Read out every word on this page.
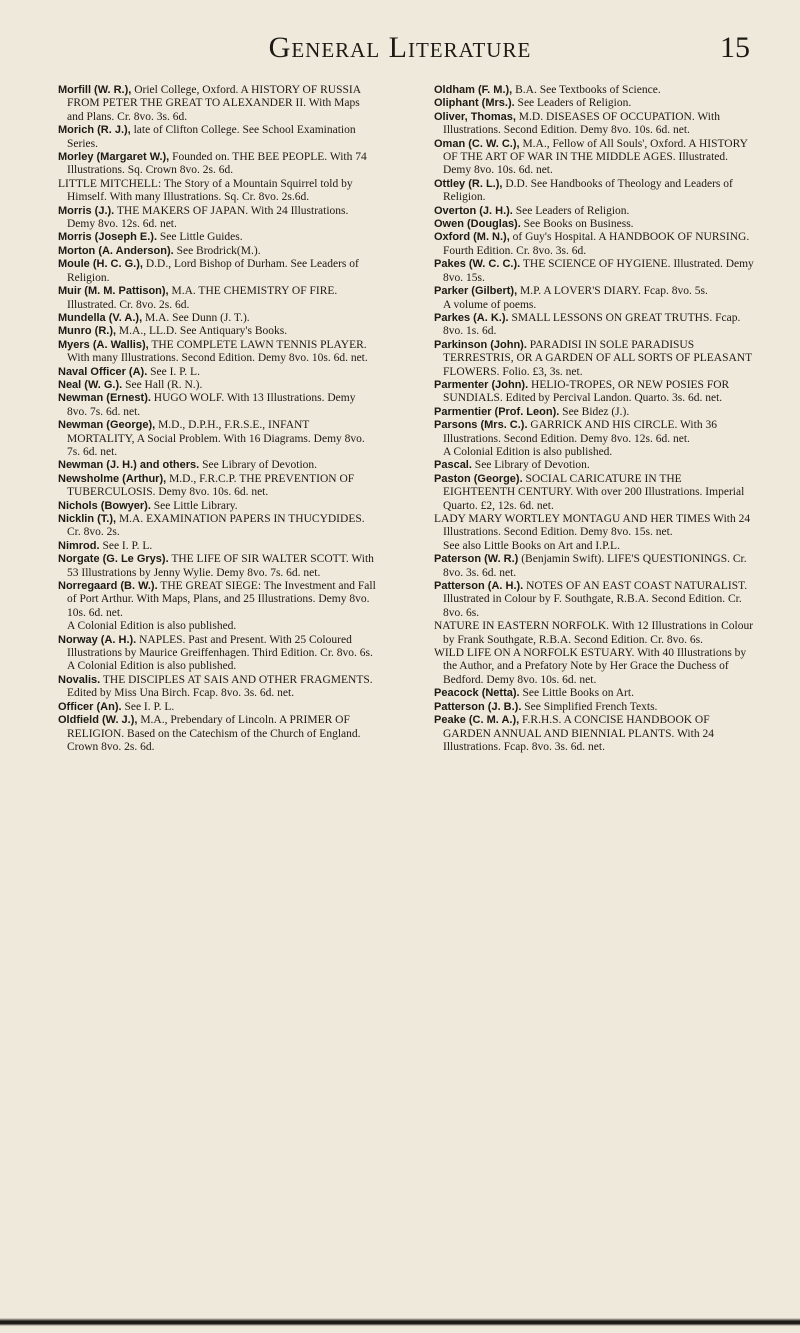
General Literature	15

Morfill (W. R.), Oriel College, Oxford. A HISTORY OF RUSSIA FROM PETER THE GREAT TO ALEXANDER II. With Maps and Plans. Cr. 8vo. 3s. 6d.

Morich (R. J.), late of Clifton College. See School Examination Series.

Morley (Margaret W.), Founded on. THE BEE PEOPLE. With 74 Illustrations. Sq. Crown 8vo. 2s. 6d.

LITTLE MITCHELL: The Story of a Mountain Squirrel told by Himself. With many Illustrations. Sq. Cr. 8vo. 2s.6d.

Morris (J.). THE MAKERS OF JAPAN. With 24 Illustrations. Demy 8vo. 12s. 6d. net.

Morris (Joseph E.). See Little Guides.

Morton (A. Anderson). See Brodrick(M.).

Moule (H. C. G.), D.D., Lord Bishop of Durham. See Leaders of Religion.

Muir (M. M. Pattison), M.A. THE CHEMISTRY OF FIRE. Illustrated. Cr. 8vo. 2s. 6d.

Mundella (V. A.), M.A. See Dunn (J. T.).

Munro (R.), M.A., LL.D. See Antiquary's Books.

Myers (A. Wallis), THE COMPLETE LAWN TENNIS PLAYER. With many Illustrations. Second Edition. Demy 8vo. 10s. 6d. net.

Naval Officer (A). See I. P. L.

Neal (W. G.). See Hall (R. N.).

Newman (Ernest). HUGO WOLF. With 13 Illustrations. Demy 8vo. 7s. 6d. net.

Newman (George), M.D., D.P.H., F.R.S.E., INFANT MORTALITY, A Social Problem. With 16 Diagrams. Demy 8vo. 7s. 6d. net.

Newman (J. H.) and others. See Library of Devotion.

Newsholme (Arthur), M.D., F.R.C.P. THE PREVENTION OF TUBERCULOSIS. Demy 8vo. 10s. 6d. net.

Nichols (Bowyer). See Little Library.

Nicklin (T.), M.A. EXAMINATION PAPERS IN THUCYDIDES. Cr. 8vo. 2s.

Nimrod. See I. P. L.

Norgate (G. Le Grys). THE LIFE OF SIR WALTER SCOTT. With 53 Illustrations by Jenny Wylie. Demy 8vo. 7s. 6d. net.

Norregaard (B. W.). THE GREAT SIEGE: The Investment and Fall of Port Arthur. With Maps, Plans, and 25 Illustrations. Demy 8vo. 10s. 6d. net.

A Colonial Edition is also published.

Norway (A. H.). NAPLES. Past and Present. With 25 Coloured Illustrations by Maurice Greiffenhagen. Third Edition. Cr. 8vo. 6s.

A Colonial Edition is also published.

Novalis. THE DISCIPLES AT SAIS AND OTHER FRAGMENTS. Edited by Miss Una Birch. Fcap. 8vo. 3s. 6d. net.

Officer (An). See I. P. L.

Oldfield (W. J.), M.A., Prebendary of Lincoln. A PRIMER OF RELIGION. Based on the Catechism of the Church of England. Crown 8vo. 2s. 6d.

Oldham (F. M.), B.A. See Textbooks of Science.

Oliphant (Mrs.). See Leaders of Religion.

Oliver, Thomas, M.D. DISEASES OF OCCUPATION. With Illustrations. Second Edition. Demy 8vo. 10s. 6d. net.

Oman (C. W. C.), M.A., Fellow of All Souls', Oxford. A HISTORY OF THE ART OF WAR IN THE MIDDLE AGES. Illustrated. Demy 8vo. 10s. 6d. net.

Ottley (R. L.), D.D. See Handbooks of Theology and Leaders of Religion.

Overton (J. H.). See Leaders of Religion.

Owen (Douglas). See Books on Business.

Oxford (M. N.), of Guy's Hospital. A HANDBOOK OF NURSING. Fourth Edition. Cr. 8vo. 3s. 6d.

Pakes (W. C. C.). THE SCIENCE OF HYGIENE. Illustrated. Demy 8vo. 15s.

Parker (Gilbert), M.P. A LOVER'S DIARY. Fcap. 8vo. 5s.

A volume of poems.

Parkes (A. K.). SMALL LESSONS ON GREAT TRUTHS. Fcap. 8vo. 1s. 6d.

Parkinson (John). PARADISI IN SOLE PARADISUS TERRESTRIS, OR A GARDEN OF ALL SORTS OF PLEASANT FLOWERS. Folio. £3, 3s. net.

Parmenter (John). HELIO-TROPES, OR NEW POSIES FOR SUNDIALS. Edited by Percival Landon. Quarto. 3s. 6d. net.

Parmentier (Prof. Leon). See Bidez (J.).

Parsons (Mrs. C.). GARRICK AND HIS CIRCLE. With 36 Illustrations. Second Edition. Demy 8vo. 12s. 6d. net.

A Colonial Edition is also published.

Pascal. See Library of Devotion.

Paston (George). SOCIAL CARICATURE IN THE EIGHTEENTH CENTURY. With over 200 Illustrations. Imperial Quarto. £2, 12s. 6d. net.

LADY MARY WORTLEY MONTAGU AND HER TIMES With 24 Illustrations. Second Edition. Demy 8vo. 15s. net.

See also Little Books on Art and I.P.L.

Paterson (W. R.) (Benjamin Swift). LIFE'S QUESTIONINGS. Cr. 8vo. 3s. 6d. net.

Patterson (A. H.). NOTES OF AN EAST COAST NATURALIST. Illustrated in Colour by F. Southgate, R.B.A. Second Edition. Cr. 8vo. 6s.

NATURE IN EASTERN NORFOLK. With 12 Illustrations in Colour by Frank Southgate, R.B.A. Second Edition. Cr. 8vo. 6s.

WILD LIFE ON A NORFOLK ESTUARY. With 40 Illustrations by the Author, and a Prefatory Note by Her Grace the Duchess of Bedford. Demy 8vo. 10s. 6d. net.

Peacock (Netta). See Little Books on Art.

Patterson (J. B.). See Simplified French Texts.

Peake (C. M. A.), F.R.H.S. A CONCISE HANDBOOK OF GARDEN ANNUAL AND BIENNIAL PLANTS. With 24 Illustrations. Fcap. 8vo. 3s. 6d. net.
